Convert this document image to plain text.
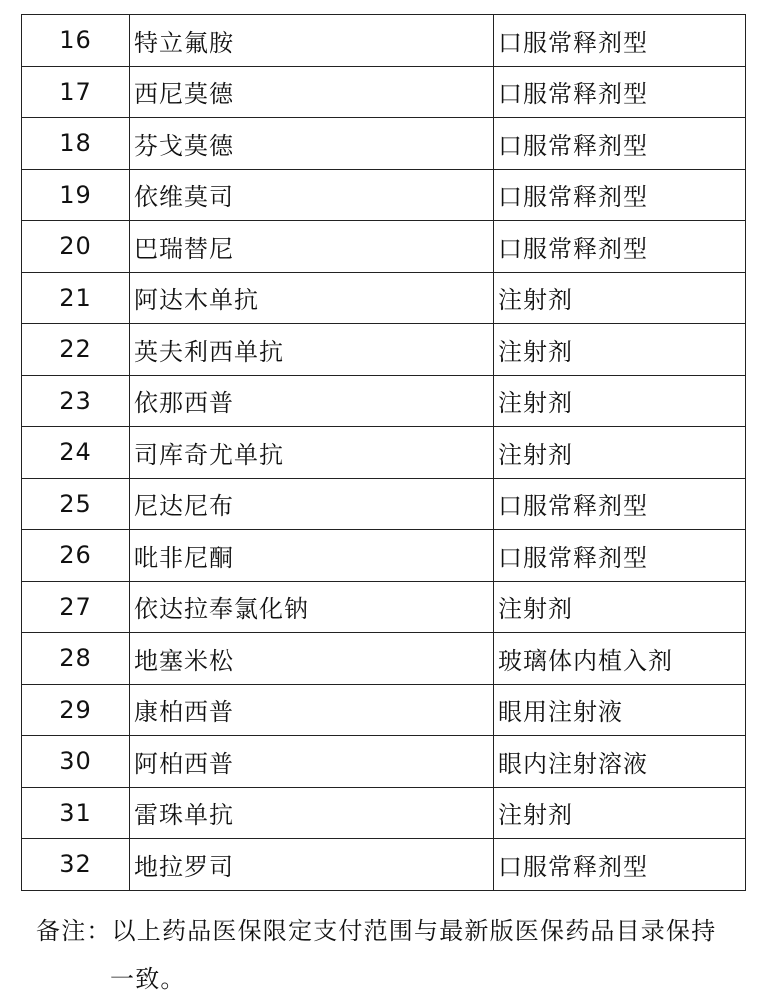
16	特立氟胺	口服常释剂型
17	西尼莫德	口服常释剂型
18	芬戈莫德	口服常释剂型
19	依维莫司	口服常释剂型
20	巴瑞替尼	口服常释剂型
21	阿达木单抗	注射剂
22	英夫利西单抗	注射剂
23	依那西普	注射剂
24	司库奇尤单抗	注射剂
25	尼达尼布	口服常释剂型
26	吡非尼酮	口服常释剂型
27	依达拉奉氯化钠	注射剂
28	地塞米松	玻璃体内植入剂
29	康柏西普	眼用注射液
30	阿柏西普	眼内注射溶液
31	雷珠单抗	注射剂
32	地拉罗司	口服常释剂型
备注：以上药品医保限定支付范围与最新版医保药品目录保持
一致。
